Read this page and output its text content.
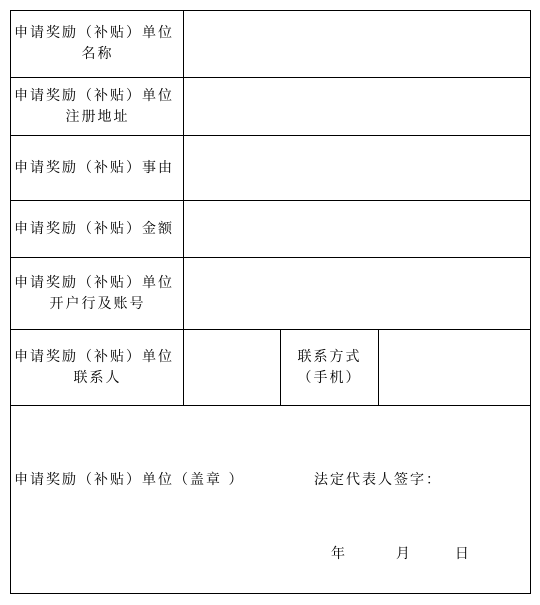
申请奖励（补贴）单位
名称			

申请奖励（补贴）单位
注册地址			

申请奖励（补贴）事由			

申请奖励（补贴）金额			

申请奖励（补贴）单位
开户行及账号			

申请奖励（补贴）单位
联系人		联系方式
（手机）	

申请奖励（补贴）单位（盖章 ） 法定代表人签字：
年 月 日			
